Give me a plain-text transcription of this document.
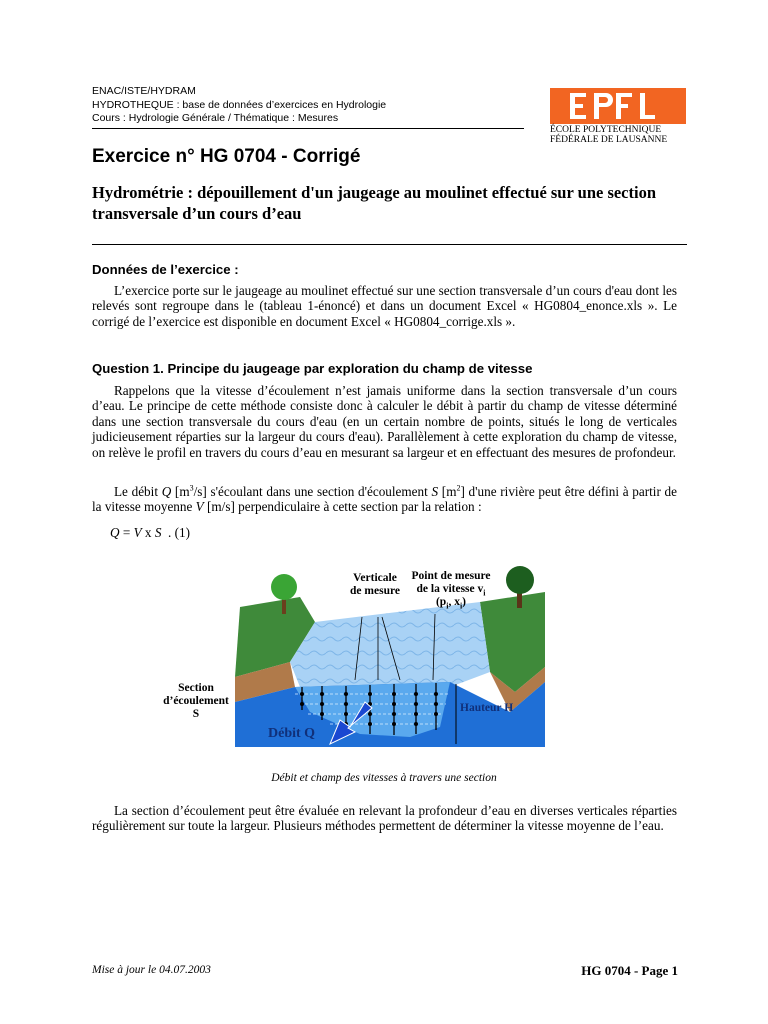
ENAC/ISTE/HYDRAM
HYDROTHEQUE : base de données d’exercices en Hydrologie
Cours : Hydrologie Générale / Thématique : Mesures
ÉCOLE POLYTECHNIQUE
FÉDÉRALE DE LAUSANNE
Exercice n° HG 0704 - Corrigé
Hydrométrie : dépouillement d'un jaugeage au moulinet effectué sur une section transversale d’un cours d’eau
Données de l’exercice :
L’exercice porte sur le jaugeage au moulinet effectué sur une section transversale d’un cours d'eau dont les relevés sont regroupe dans le (tableau 1-énoncé) et dans un document Excel « HG0804_enonce.xls ». Le corrigé de l’exercice est disponible en document Excel « HG0804_corrige.xls ».
Question 1. Principe du jaugeage par exploration du champ de vitesse
Rappelons que la vitesse d’écoulement n’est jamais uniforme dans la section transversale d’un cours d’eau. Le principe de cette méthode consiste donc à calculer le débit à partir du champ de vitesse déterminé dans une section transversale du cours d'eau (en un certain nombre de points, situés le long de verticales judicieusement réparties sur la largeur du cours d'eau). Parallèlement à cette exploration du champ de vitesse, on relève le profil en travers du cours d’eau en mesurant sa largeur et en effectuant des mesures de profondeur.
Le débit Q $[m^3/s]$ s'écoulant dans une section d'écoulement S $[m^2]$ d'une rivière peut être défini à partir de la vitesse moyenne V [m/s] perpendiculaire à cette section par la relation :
Q = V x S  . (1)
Verticale
de mesure
Point de mesure
de la vitesse $v_i$
($p_i$, $x_i$)
Section
d’écoulement
S	Hauteur H
Débit Q
Débit et champ des vitesses à travers une section
La section d’écoulement peut être évaluée en relevant la profondeur d’eau en diverses verticales réparties régulièrement sur toute la largeur. Plusieurs méthodes permettent de déterminer la vitesse moyenne de l’eau.
Mise à jour le 04.07.2003	HG 0704 - Page 1
